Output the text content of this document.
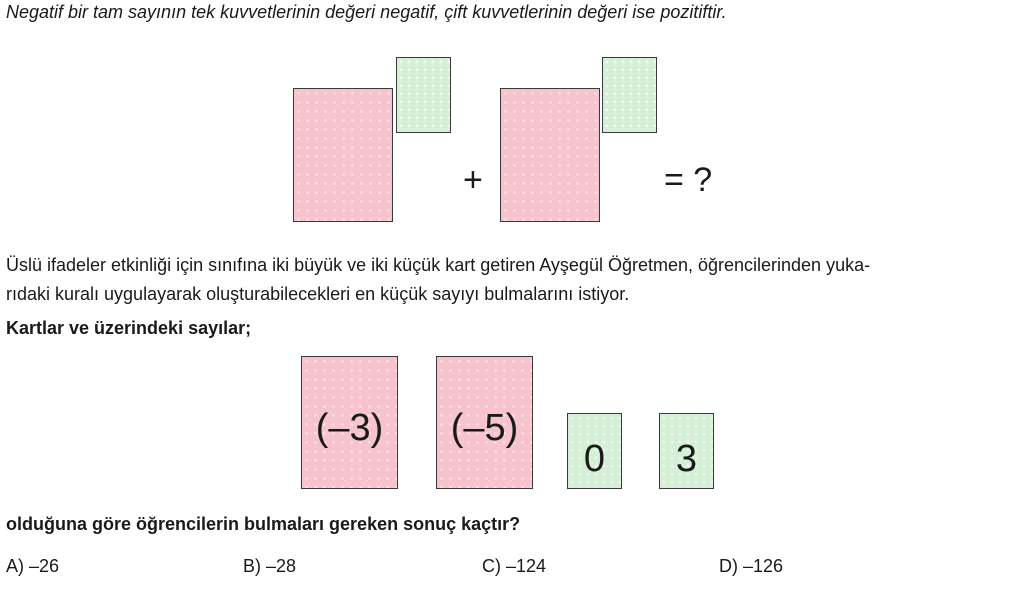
Negatif bir tam sayının tek kuvvetlerinin değeri negatif, çift kuvvetlerinin değeri ise pozitiftir.
+	= ?
Üslü ifadeler etkinliği için sınıfına iki büyük ve iki küçük kart getiren Ayşegül Öğretmen, öğrencilerinden yuka-
rıdaki kuralı uygulayarak oluşturabilecekleri en küçük sayıyı bulmalarını istiyor.
Kartlar ve üzerindeki sayılar;
(–3)	(–5)
0	3
olduğuna göre öğrencilerin bulmaları gereken sonuç kaçtır?
A) –26	B) –28	C) –124	D) –126
